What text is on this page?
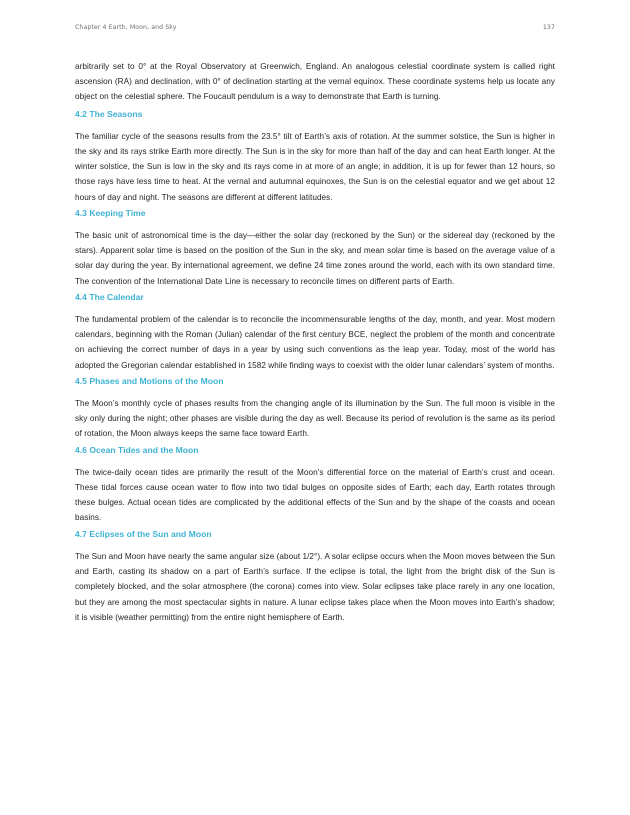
Chapter 4 Earth, Moon, and Sky	137

arbitrarily set to 0° at the Royal Observatory at Greenwich, England. An analogous celestial coordinate system is called right ascension (RA) and declination, with 0° of declination starting at the vernal equinox. These coordinate systems help us locate any object on the celestial sphere. The Foucault pendulum is a way to demonstrate that Earth is turning.

4.2 The Seasons

The familiar cycle of the seasons results from the 23.5° tilt of Earth’s axis of rotation. At the summer solstice, the Sun is higher in the sky and its rays strike Earth more directly. The Sun is in the sky for more than half of the day and can heat Earth longer. At the winter solstice, the Sun is low in the sky and its rays come in at more of an angle; in addition, it is up for fewer than 12 hours, so those rays have less time to heat. At the vernal and autumnal equinoxes, the Sun is on the celestial equator and we get about 12 hours of day and night. The seasons are different at different latitudes.

4.3 Keeping Time

The basic unit of astronomical time is the day—either the solar day (reckoned by the Sun) or the sidereal day (reckoned by the stars). Apparent solar time is based on the position of the Sun in the sky, and mean solar time is based on the average value of a solar day during the year. By international agreement, we define 24 time zones around the world, each with its own standard time. The convention of the International Date Line is necessary to reconcile times on different parts of Earth.

4.4 The Calendar

The fundamental problem of the calendar is to reconcile the incommensurable lengths of the day, month, and year. Most modern calendars, beginning with the Roman (Julian) calendar of the first century BCE, neglect the problem of the month and concentrate on achieving the correct number of days in a year by using such conventions as the leap year. Today, most of the world has adopted the Gregorian calendar established in 1582 while finding ways to coexist with the older lunar calendars’ system of months.

4.5 Phases and Motions of the Moon

The Moon’s monthly cycle of phases results from the changing angle of its illumination by the Sun. The full moon is visible in the sky only during the night; other phases are visible during the day as well. Because its period of revolution is the same as its period of rotation, the Moon always keeps the same face toward Earth.

4.6 Ocean Tides and the Moon

The twice-daily ocean tides are primarily the result of the Moon’s differential force on the material of Earth’s crust and ocean. These tidal forces cause ocean water to flow into two tidal bulges on opposite sides of Earth; each day, Earth rotates through these bulges. Actual ocean tides are complicated by the additional effects of the Sun and by the shape of the coasts and ocean basins.

4.7 Eclipses of the Sun and Moon

The Sun and Moon have nearly the same angular size (about 1/2°). A solar eclipse occurs when the Moon moves between the Sun and Earth, casting its shadow on a part of Earth’s surface. If the eclipse is total, the light from the bright disk of the Sun is completely blocked, and the solar atmosphere (the corona) comes into view. Solar eclipses take place rarely in any one location, but they are among the most spectacular sights in nature. A lunar eclipse takes place when the Moon moves into Earth’s shadow; it is visible (weather permitting) from the entire night hemisphere of Earth.
